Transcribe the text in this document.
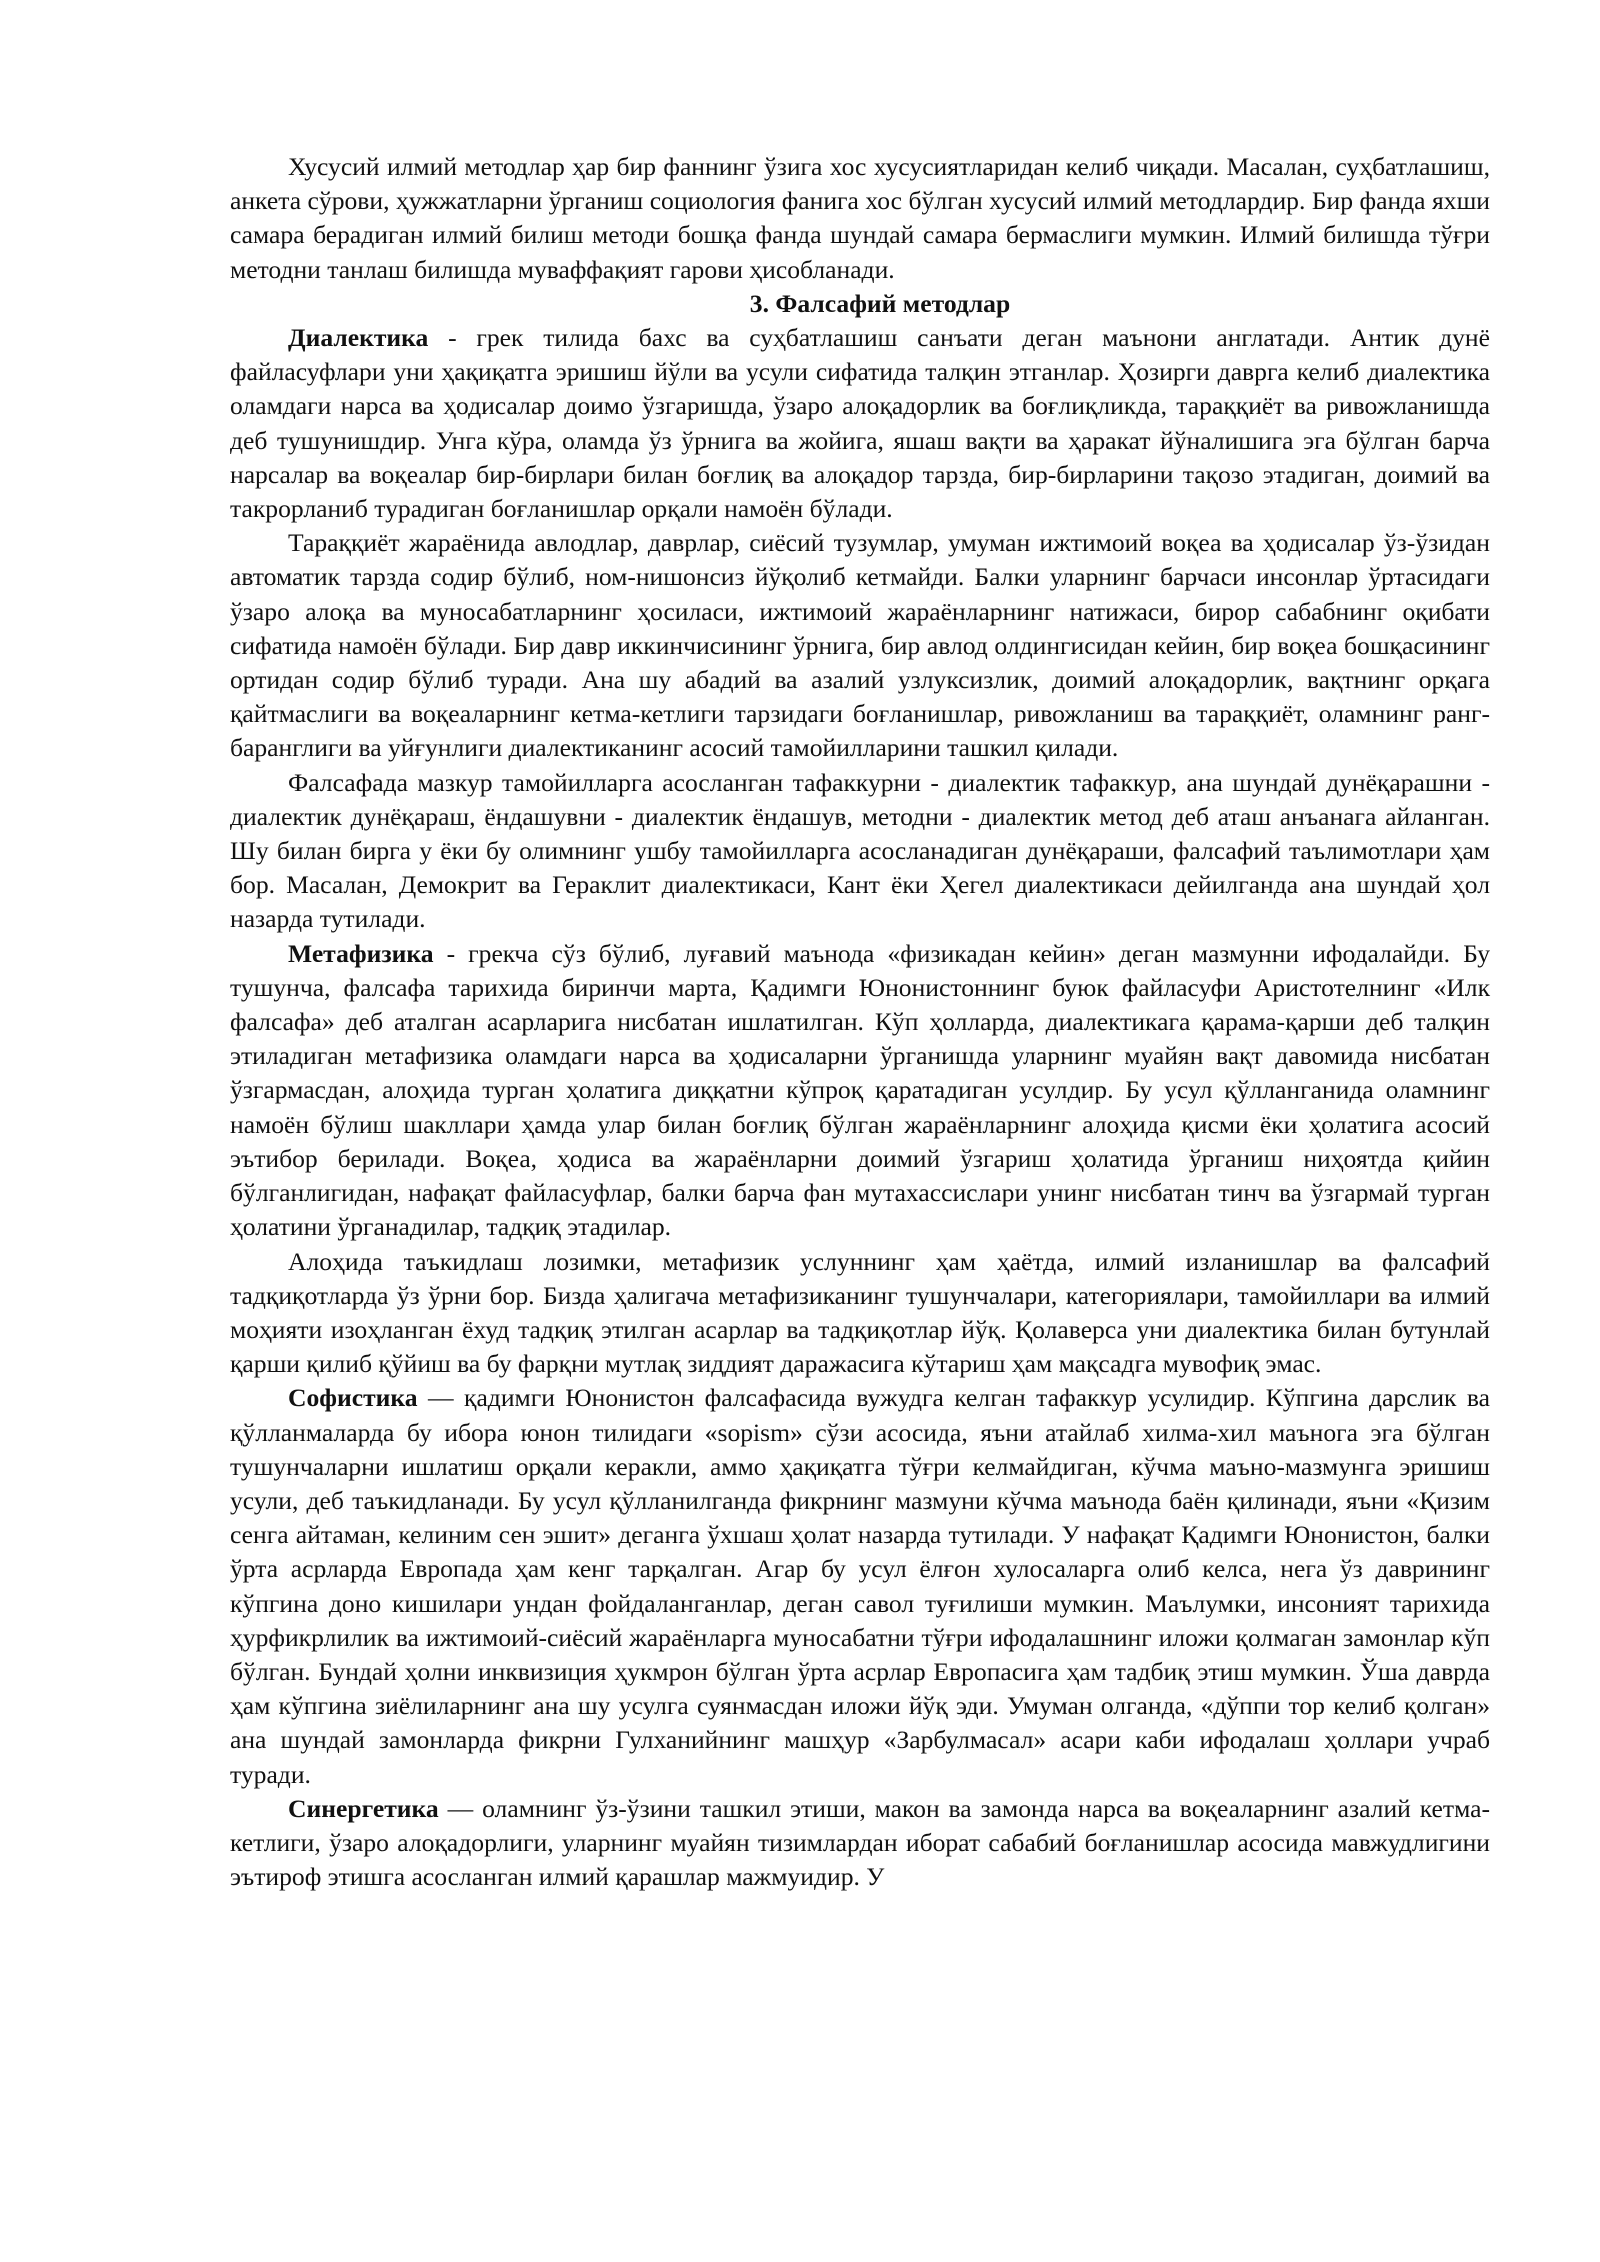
Хусусий илмий методлар ҳар бир фаннинг ўзига хос хусусиятларидан келиб чиқади. Масалан, суҳбатлашиш, анкета сўрови, ҳужжатларни ўрганиш социология фанига хос бўлган хусусий илмий методлардир. Бир фанда яхши самара берадиган илмий билиш методи бошқа фанда шундай самара бермаслиги мумкин. Илмий билишда тўғри методни танлаш билишда муваффақият гарови ҳисобланади.

3. Фалсафий методлар

Диалектика - грек тилида бахс ва суҳбатлашиш санъати деган маънони англатади. Антик дунё файласуфлари уни ҳақиқатга эришиш йўли ва усули сифатида талқин этганлар. Ҳозирги даврга келиб диалектика оламдаги нарса ва ҳодисалар доимо ўзгаришда, ўзаро алоқадорлик ва боғлиқликда, тараққиёт ва ривожланишда деб тушунишдир. Унга кўра, оламда ўз ўрнига ва жойига, яшаш вақти ва ҳаракат йўналишига эга бўлган барча нарсалар ва воқеалар бир-бирлари билан боғлиқ ва алоқадор тарзда, бир-бирларини тақозо этадиган, доимий ва такрорланиб турадиган боғланишлар орқали намоён бўлади.

Тараққиёт жараёнида авлодлар, даврлар, сиёсий тузумлар, умуман ижтимоий воқеа ва ҳодисалар ўз-ўзидан автоматик тарзда содир бўлиб, ном-нишонсиз йўқолиб кетмайди. Балки уларнинг барчаси инсонлар ўртасидаги ўзаро алоқа ва муносабатларнинг ҳосиласи, ижтимоий жараёнларнинг натижаси, бирор сабабнинг оқибати сифатида намоён бўлади. Бир давр иккинчисининг ўрнига, бир авлод олдингисидан кейин, бир воқеа бошқасининг ортидан содир бўлиб туради. Ана шу абадий ва азалий узлуксизлик, доимий алоқадорлик, вақтнинг орқага қайтмаслиги ва воқеаларнинг кетма-кетлиги тарзидаги боғланишлар, ривожланиш ва тараққиёт, оламнинг ранг-баранглиги ва уйғунлиги диалектиканинг асосий тамойилларини ташкил қилади.

Фалсафада мазкур тамойилларга асосланган тафаккурни - диалектик тафаккур, ана шундай дунёқарашни - диалектик дунёқараш, ёндашувни - диалектик ёндашув, методни - диалектик метод деб аташ анъанага айланган. Шу билан бирга у ёки бу олимнинг ушбу тамойилларга асосланадиган дунёқараши, фалсафий таълимотлари ҳам бор. Масалан, Демокрит ва Гераклит диалектикаси, Кант ёки Ҳегел диалектикаси дейилганда ана шундай ҳол назарда тутилади.

Метафизика - грекча сўз бўлиб, луғавий маънода «физикадан кейин» деган мазмунни ифодалайди. Бу тушунча, фалсафа тарихида биринчи марта, Қадимги Юнонистоннинг буюк файласуфи Аристотелнинг «Илк фалсафа» деб аталган асарларига нисбатан ишлатилган. Кўп ҳолларда, диалектикага қарама-қарши деб талқин этиладиган метафизика оламдаги нарса ва ҳодисаларни ўрганишда уларнинг муайян вақт давомида нисбатан ўзгармасдан, алоҳида турган ҳолатига диққатни кўпроқ қаратадиган усулдир. Бу усул қўлланганида оламнинг намоён бўлиш шакллари ҳамда улар билан боғлиқ бўлган жараёнларнинг алоҳида қисми ёки ҳолатига асосий эътибор берилади. Воқеа, ҳодиса ва жараёнларни доимий ўзгариш ҳолатида ўрганиш ниҳоятда қийин бўлганлигидан, нафақат файласуфлар, балки барча фан мутахассислари унинг нисбатан тинч ва ўзгармай турган ҳолатини ўрганадилар, тадқиқ этадилар.

Алоҳида таъкидлаш лозимки, метафизик услуннинг ҳам ҳаётда, илмий изланишлар ва фалсафий тадқиқотларда ўз ўрни бор. Бизда ҳалигача метафизиканинг тушунчалари, категориялари, тамойиллари ва илмий моҳияти изоҳланган ёхуд тадқиқ этилган асарлар ва тадқиқотлар йўқ. Қолаверса уни диалектика билан бутунлай қарши қилиб қўйиш ва бу фарқни мутлақ зиддият даражасига кўтариш ҳам мақсадга мувофиқ эмас.

Софистика — қадимги Юнонистон фалсафасида вужудга келган тафаккур усулидир. Кўпгина дарслик ва қўлланмаларда бу ибора юнон тилидаги «sopism» сўзи асосида, яъни атайлаб хилма-хил маънога эга бўлган тушунчаларни ишлатиш орқали керакли, аммо ҳақиқатга тўғри келмайдиган, кўчма маъно-мазмунга эришиш усули, деб таъкидланади. Бу усул қўлланилганда фикрнинг мазмуни кўчма маънода баён қилинади, яъни «Қизим сенга айтаман, келиним сен эшит» деганга ўхшаш ҳолат назарда тутилади. У нафақат Қадимги Юнонистон, балки ўрта асрларда Европада ҳам кенг тарқалган. Агар бу усул ёлғон хулосаларга олиб келса, нега ўз даврининг кўпгина доно кишилари ундан фойдаланганлар, деган савол туғилиши мумкин. Маълумки, инсоният тарихида ҳурфикрлилик ва ижтимоий-сиёсий жараёнларга муносабатни тўғри ифодалашнинг иложи қолмаган замонлар кўп бўлган. Бундай ҳолни инквизиция ҳукмрон бўлган ўрта асрлар Европасига ҳам тадбиқ этиш мумкин. Ўша даврда ҳам кўпгина зиёлиларнинг ана шу усулга суянмасдан иложи йўқ эди. Умуман олганда, «дўппи тор келиб қолган» ана шундай замонларда фикрни Гулханийнинг машҳур «Зарбулмасал» асари каби ифодалаш ҳоллари учраб туради.

Синергетика — оламнинг ўз-ўзини ташкил этиши, макон ва замонда нарса ва воқеаларнинг азалий кетма-кетлиги, ўзаро алоқадорлиги, уларнинг муайян тизимлардан иборат сабабий боғланишлар асосида мавжудлигини эътироф этишга асосланган илмий қарашлар мажмуидир. У
